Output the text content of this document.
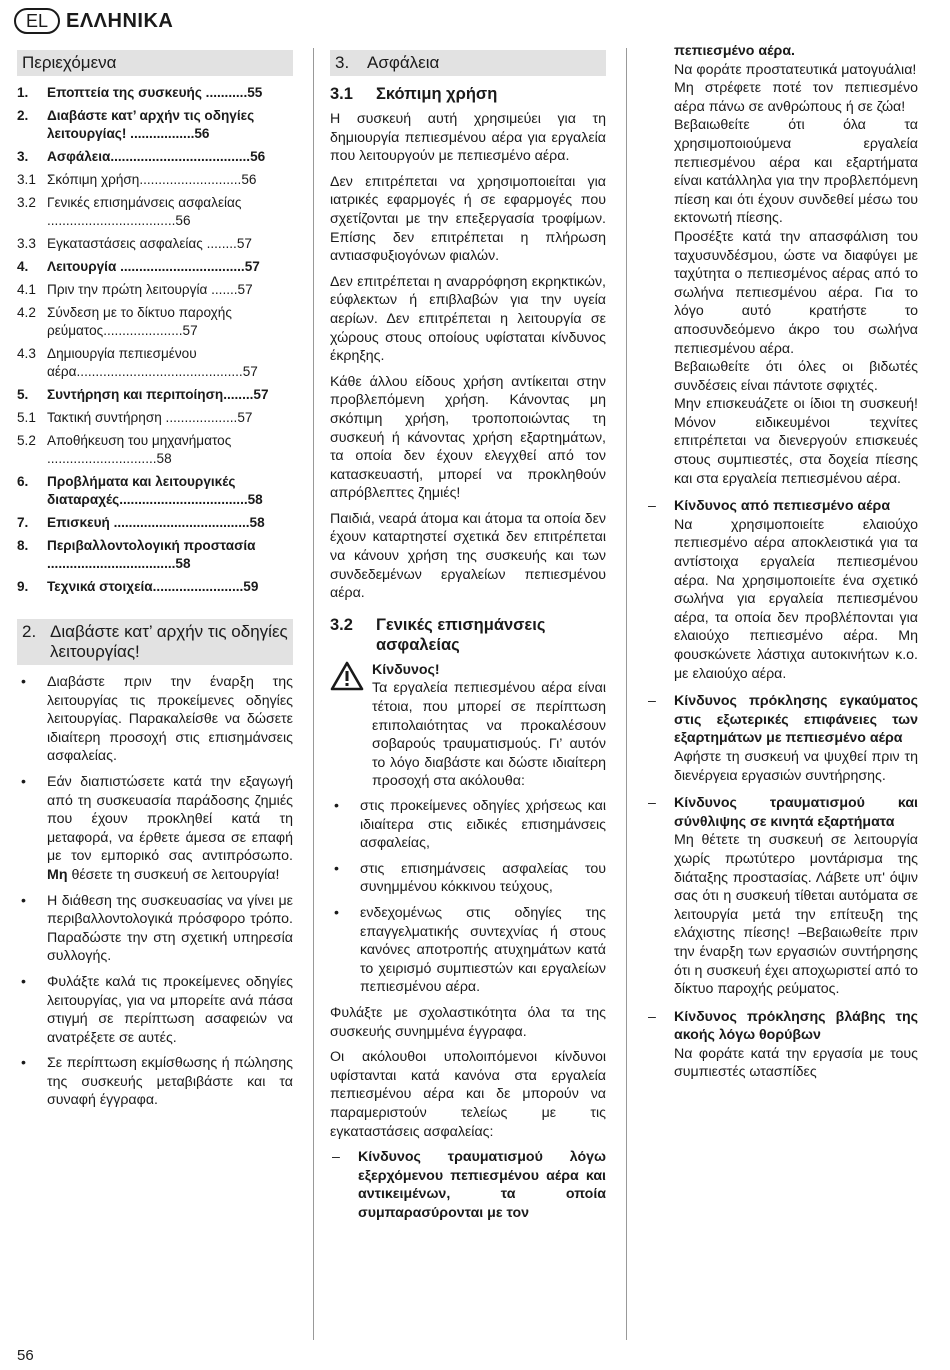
EL ΕΛΛΗΝΙΚΑ
Περιεχόμενα
1.	Εποπτεία της συσκευής ...........55
2.	Διαβάστε κατ’ αρχήν τις οδηγίες λειτουργίας! .................56
3.	Ασφάλεια.....................................56
3.1 Σκόπιμη χρήση...........................56
3.2 Γενικές επισημάνσεις ασφαλείας ..................................56
3.3 Εγκαταστάσεις ασφαλείας ........57
4.	Λειτουργία .................................57
4.1 Πριν την πρώτη λειτουργία .......57
4.2 Σύνδεση με το δίκτυο παροχής ρεύματος.....................57
4.3 Δημιουργία πεπιεσμένου αέρα............................................57
5.	Συντήρηση και περιποίηση........57
5.1 Τακτική συντήρηση ...................57
5.2 Αποθήκευση του μηχανήματος .............................58
6.	Προβλήματα και λειτουργικές διαταραχές..................................58
7.	Επισκευή ....................................58
8.	Περιβαλλοντολογική προστασία ..................................58
9.	Τεχνικά στοιχεία........................59
2. Διαβάστε κατ’ αρχήν τις οδηγίες λειτουργίας!
• Διαβάστε πριν την έναρξη της λειτουργίας τις προκείμενες οδηγίες λειτουργίας. Παρακαλείσθε να δώσετε ιδιαίτερη προσοχή στις επισημάνσεις ασφαλείας.
• Εάν διαπιστώσετε κατά την εξαγωγή από τη συσκευασία παράδοσης ζημιές που έχουν προκληθεί κατά τη μεταφορά, να έρθετε άμεσα σε επαφή με τον εμπορικό σας αντιπρόσωπο. Μη θέσετε τη συσκευή σε λειτουργία!
• Η διάθεση της συσκευασίας να γίνει με περιβαλλοντολογικά πρόσφορο τρόπο. Παραδώστε την στη σχετική υπηρεσία συλλογής.
• Φυλάξτε καλά τις προκείμενες οδηγίες λειτουργίας, για να μπορείτε ανά πάσα στιγμή σε περίπτωση ασαφειών να ανατρέξετε σε αυτές.
• Σε περίπτωση εκμίσθωσης ή πώλησης της συσκευής μεταβιβάστε και τα συναφή έγγραφα.
3. Ασφάλεια
3.1	Σκόπιμη χρήση

Η συσκευή αυτή χρησιμεύει για τη δημιουργία πεπιεσμένου αέρα για εργαλεία που λειτουργούν με πεπιεσμένο αέρα.

Δεν επιτρέπεται να χρησιμοποιείται για ιατρικές εφαρμογές ή σε εφαρμογές που σχετίζονται με την επεξεργασία τροφίμων. Επίσης δεν επιτρέπεται η πλήρωση αντιασφυξιογόνων φιαλών.

Δεν επιτρέπεται η αναρρόφηση εκρηκτικών, εύφλεκτων ή επιβλαβών για την υγεία αερίων. Δεν επιτρέπεται η λειτουργία σε χώρους στους οποίους υφίσταται κίνδυνος έκρηξης.

Κάθε άλλου είδους χρήση αντίκειται στην προβλεπόμενη χρήση. Κάνοντας μη σκόπιμη χρήση, τροποποιώντας τη συσκευή ή κάνοντας χρήση εξαρτημάτων, τα οποία δεν έχουν ελεγχθεί από τον κατασκευαστή, μπορεί να προκληθούν απρόβλεπτες ζημιές!

Παιδιά, νεαρά άτομα και άτομα τα οποία δεν έχουν καταρτηστεί σχετικά δεν επιτρέπεται να κάνουν χρήση της συσκευής και των συνδεδεμένων εργαλείων πεπιεσμένου αέρα.

3.2	Γενικές επισημάνσεις ασφαλείας
Κίνδυνος!
Τα εργαλεία πεπιεσμένου αέρα είναι τέτοια, που μπορεί σε περίπτωση επιπολαιότητας να προκαλέσουν σοβαρούς τραυματισμούς. Γι’ αυτόν το λόγο διαβάστε και δώστε ιδιαίτερη προσοχή στα ακόλουθα:
• στις προκείμενες οδηγίες χρήσεως και ιδιαίτερα στις ειδικές επισημάνσεις ασφαλείας,
• στις επισημάνσεις ασφαλείας του συνημμένου κόκκινου τεύχους,
• ενδεχομένως στις οδηγίες της επαγγελματικής συντεχνίας ή στους κανόνες αποτροπής ατυχημάτων κατά το χειρισμό συμπιεστών και εργαλείων πεπιεσμένου αέρα.

Φυλάξτε με σχολαστικότητα όλα τα της συσκευής συνημμένα έγγραφα.

Οι ακόλουθοι υπολοιπόμενοι κίνδυνοι υφίστανται κατά κανόνα στα εργαλεία πεπιεσμένου αέρα και δε μπορούν να παραμεριστούν τελείως με τις εγκαταστάσεις ασφαλείας:

– Κίνδυνος τραυματισμού λόγω εξερχόμενου πεπιεσμένου αέρα και αντικειμένων, τα οποία συμπαρασύρονται με τον
πεπιεσμένο αέρα.
Να φοράτε προστατευτικά ματογυάλια!
Μη στρέφετε ποτέ τον πεπιεσμένο αέρα πάνω σε ανθρώπους ή σε ζώα!
Βεβαιωθείτε ότι όλα τα χρησιμοποιούμενα εργαλεία πεπιεσμένου αέρα και εξαρτήματα είναι κατάλληλα για την προβλεπόμενη πίεση και ότι έχουν συνδεθεί μέσω του εκτονωτή πίεσης.
Προσέξτε κατά την απασφάλιση του ταχυσυνδέσμου, ώστε να διαφύγει με ταχύτητα ο πεπιεσμένος αέρας από το σωλήνα πεπιεσμένου αέρα. Για το λόγο αυτό κρατήστε το αποσυνδεόμενο άκρο του σωλήνα πεπιεσμένου αέρα.
Βεβαιωθείτε ότι όλες οι βιδωτές συνδέσεις είναι πάντοτε σφιχτές.
Μην επισκευάζετε οι ίδιοι τη συσκευή! Μόνον ειδικευμένοι τεχνίτες επιτρέπεται να διενεργούν επισκευές στους συμπιεστές, στα δοχεία πίεσης και στα εργαλεία πεπιεσμένου αέρα.
– Κίνδυνος από πεπιεσμένο αέρα
Να χρησιμοποιείτε ελαιούχο πεπιεσμένο αέρα αποκλειστικά για τα αντίστοιχα εργαλεία πεπιεσμένου αέρα. Να χρησιμοποιείτε ένα σχετικό σωλήνα για εργαλεία πεπιεσμένου αέρα, τα οποία δεν προβλέπονται για ελαιούχο πεπιεσμένο αέρα. Μη φουσκώνετε λάστιχα αυτοκινήτων κ.ο. με ελαιούχο αέρα.
– Κίνδυνος πρόκλησης εγκαύματος στις εξωτερικές επιφάνειες των εξαρτημάτων με πεπιεσμένο αέρα
Αφήστε τη συσκευή να ψυχθεί πριν τη διενέργεια εργασιών συντήρησης.
– Κίνδυνος τραυματισμού και σύνθλιψης σε κινητά εξαρτήματα
Μη θέτετε τη συσκευή σε λειτουργία χωρίς πρωτύτερο μοντάρισμα της διάταξης προστασίας. Λάβετε υπ' όψιν σας ότι η συσκευή τίθεται αυτόματα σε λειτουργία μετά την επίτευξη της ελάχιστης πίεσης! –Βεβαιωθείτε πριν την έναρξη των εργασιών συντήρησης ότι η συσκευή έχει αποχωριστεί από το δίκτυο παροχής ρεύματος.
– Κίνδυνος πρόκλησης βλάβης της ακοής λόγω θορύβων
Να φοράτε κατά την εργασία με τους συμπιεστές ωτασπίδες
56
